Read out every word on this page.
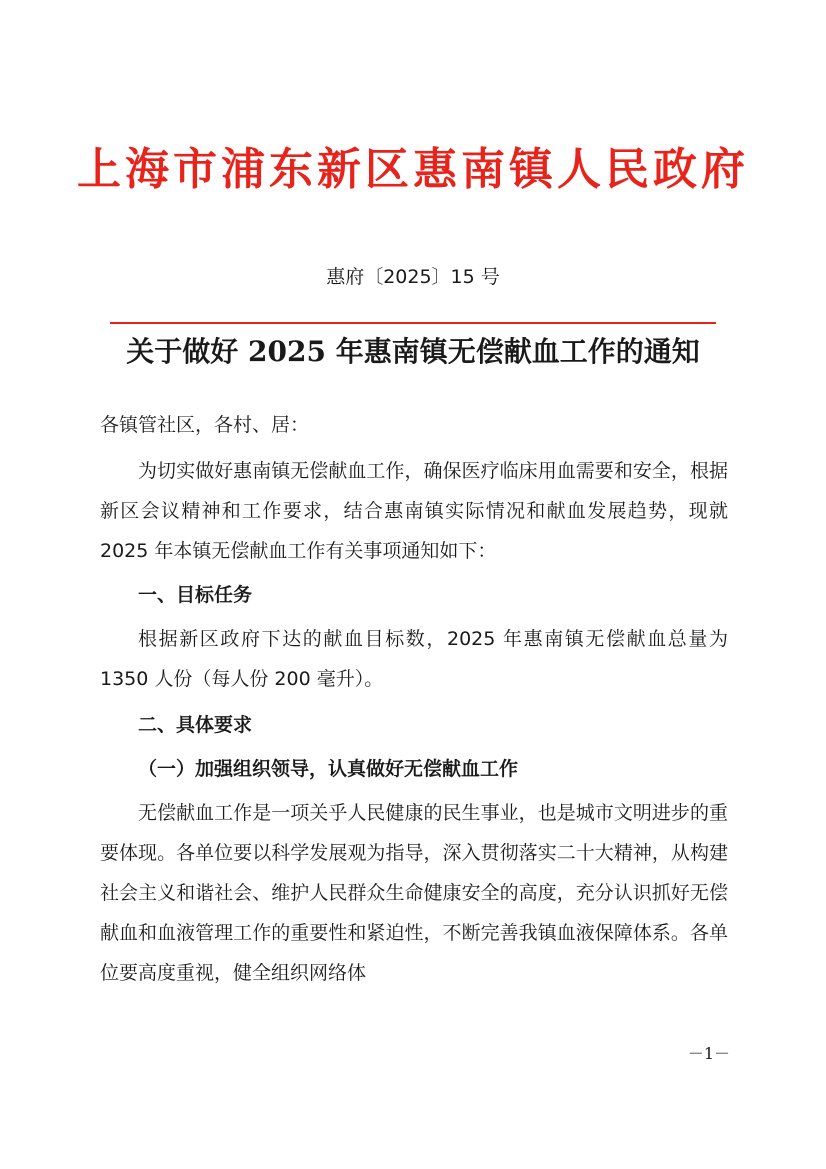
上海市浦东新区惠南镇人民政府
惠府〔2025〕15 号
关于做好 2025 年惠南镇无偿献血工作的通知

各镇管社区，各村、居：

为切实做好惠南镇无偿献血工作，确保医疗临床用血需要和安全，根据新区会议精神和工作要求，结合惠南镇实际情况和献血发展趋势，现就 2025 年本镇无偿献血工作有关事项通知如下：

一、目标任务

根据新区政府下达的献血目标数，2025 年惠南镇无偿献血总量为 1350 人份（每人份 200 毫升）。

二、具体要求

（一）加强组织领导，认真做好无偿献血工作

无偿献血工作是一项关乎人民健康的民生事业，也是城市文明进步的重要体现。各单位要以科学发展观为指导，深入贯彻落实二十大精神，从构建社会主义和谐社会、维护人民群众生命健康安全的高度，充分认识抓好无偿献血和血液管理工作的重要性和紧迫性，不断完善我镇血液保障体系。各单位要高度重视，健全组织网络体

－1－
